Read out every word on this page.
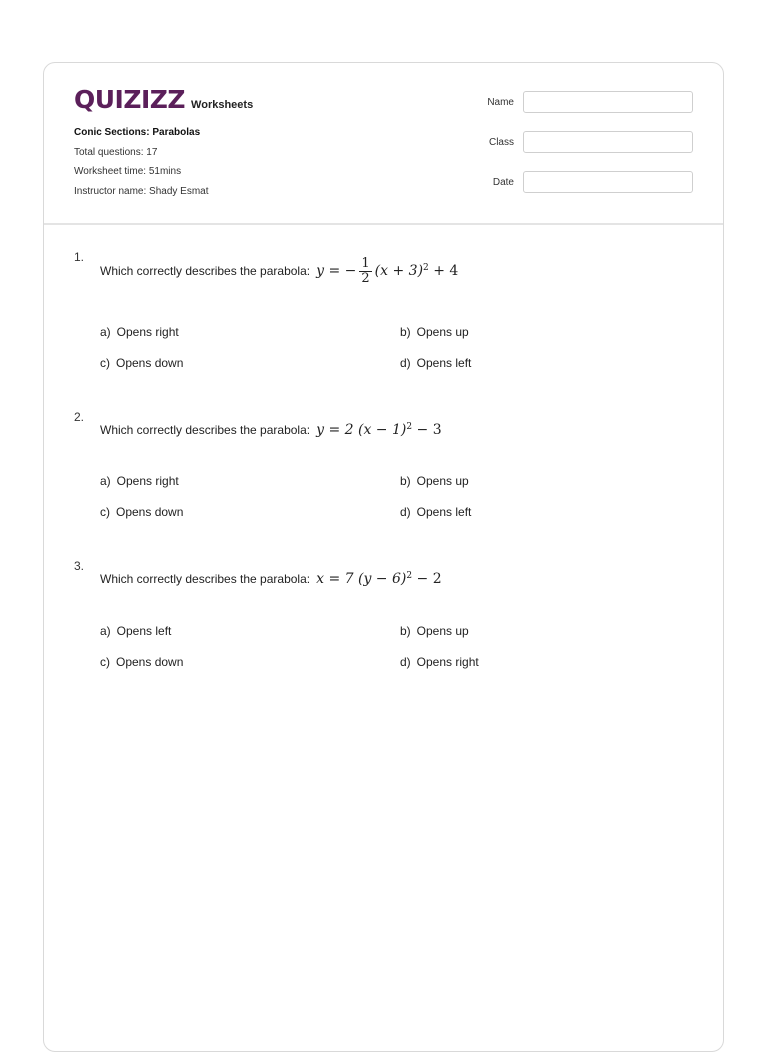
QUIZIZZ Worksheets
Conic Sections: Parabolas
Total questions: 17
Worksheet time: 51mins
Instructor name: Shady Esmat
Name
Class
Date
1.
Which correctly describes the parabola: y
= − $\frac{1}{2} (x + 3)^2$
+ 4
a) Opens right	b) Opens up
c) Opens down	d) Opens left
2.
Which correctly describes the parabola: y = 2 $(x - 1)^2$
− 3
a) Opens right	b) Opens up
c) Opens down	d) Opens left
3.
Which correctly describes the parabola: x = 7 $(y - 6)^2$
− 2
a) Opens left	b) Opens up
c) Opens down	d) Opens right
